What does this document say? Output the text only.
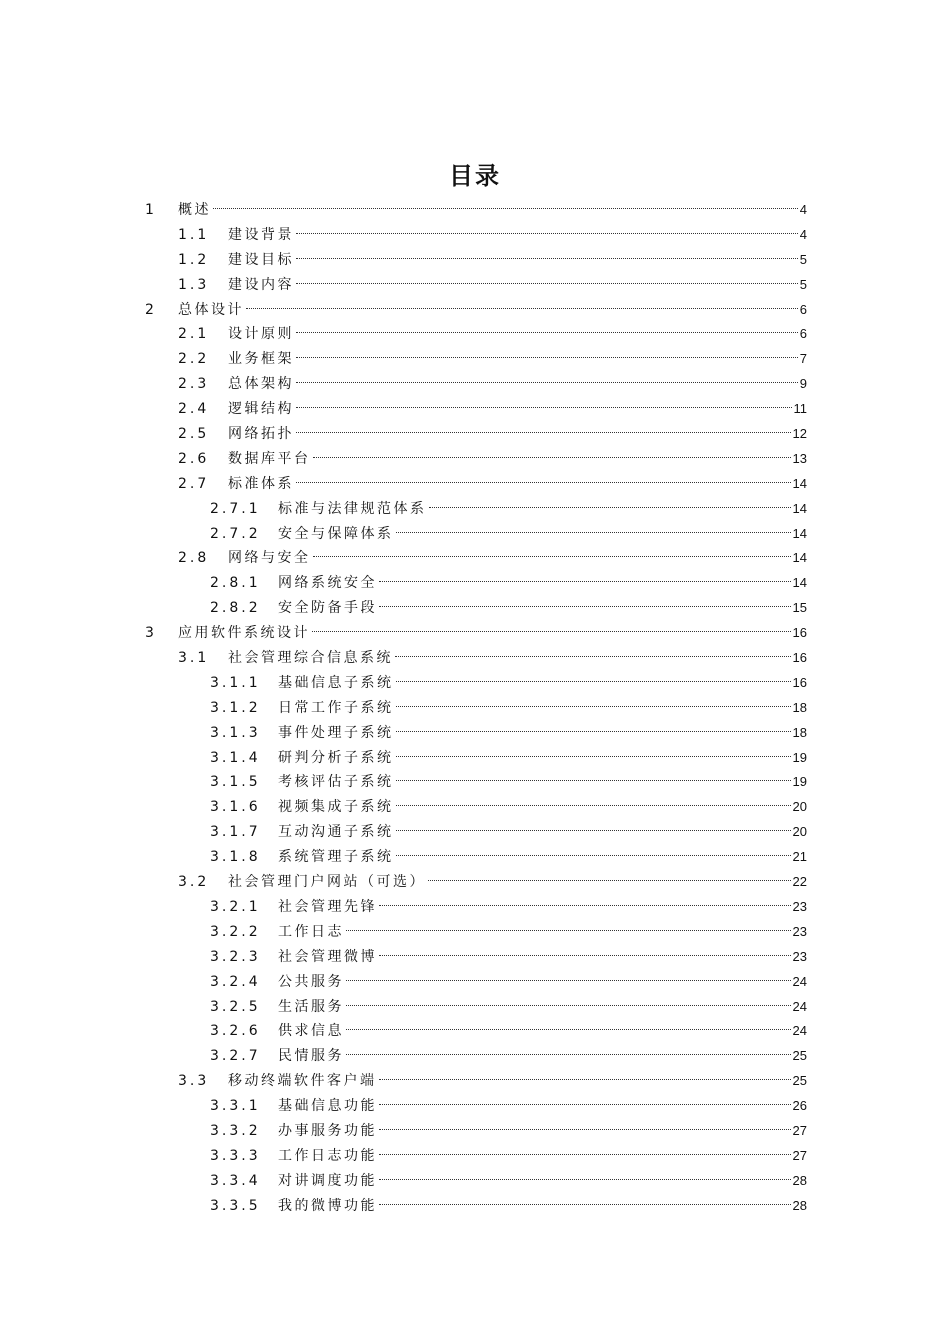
目录
1 概述	4
1.1 建设背景	4
1.2 建设目标	5
1.3 建设内容	5
2 总体设计	6
2.1 设计原则	6
2.2 业务框架	7
2.3 总体架构	9
2.4 逻辑结构	11
2.5 网络拓扑	12
2.6 数据库平台	13
2.7 标准体系	14
2.7.1 标准与法律规范体系	14
2.7.2 安全与保障体系	14
2.8 网络与安全	14
2.8.1 网络系统安全	14
2.8.2 安全防备手段	15
3 应用软件系统设计	16
3.1 社会管理综合信息系统	16
3.1.1 基础信息子系统	16
3.1.2 日常工作子系统	18
3.1.3 事件处理子系统	18
3.1.4 研判分析子系统	19
3.1.5 考核评估子系统	19
3.1.6 视频集成子系统	20
3.1.7 互动沟通子系统	20
3.1.8 系统管理子系统	21
3.2 社会管理门户网站（可选）	22
3.2.1 社会管理先锋	23
3.2.2 工作日志	23
3.2.3 社会管理微博	23
3.2.4 公共服务	24
3.2.5 生活服务	24
3.2.6 供求信息	24
3.2.7 民情服务	25
3.3 移动终端软件客户端	25
3.3.1 基础信息功能	26
3.3.2 办事服务功能	27
3.3.3 工作日志功能	27
3.3.4 对讲调度功能	28
3.3.5 我的微博功能	28
